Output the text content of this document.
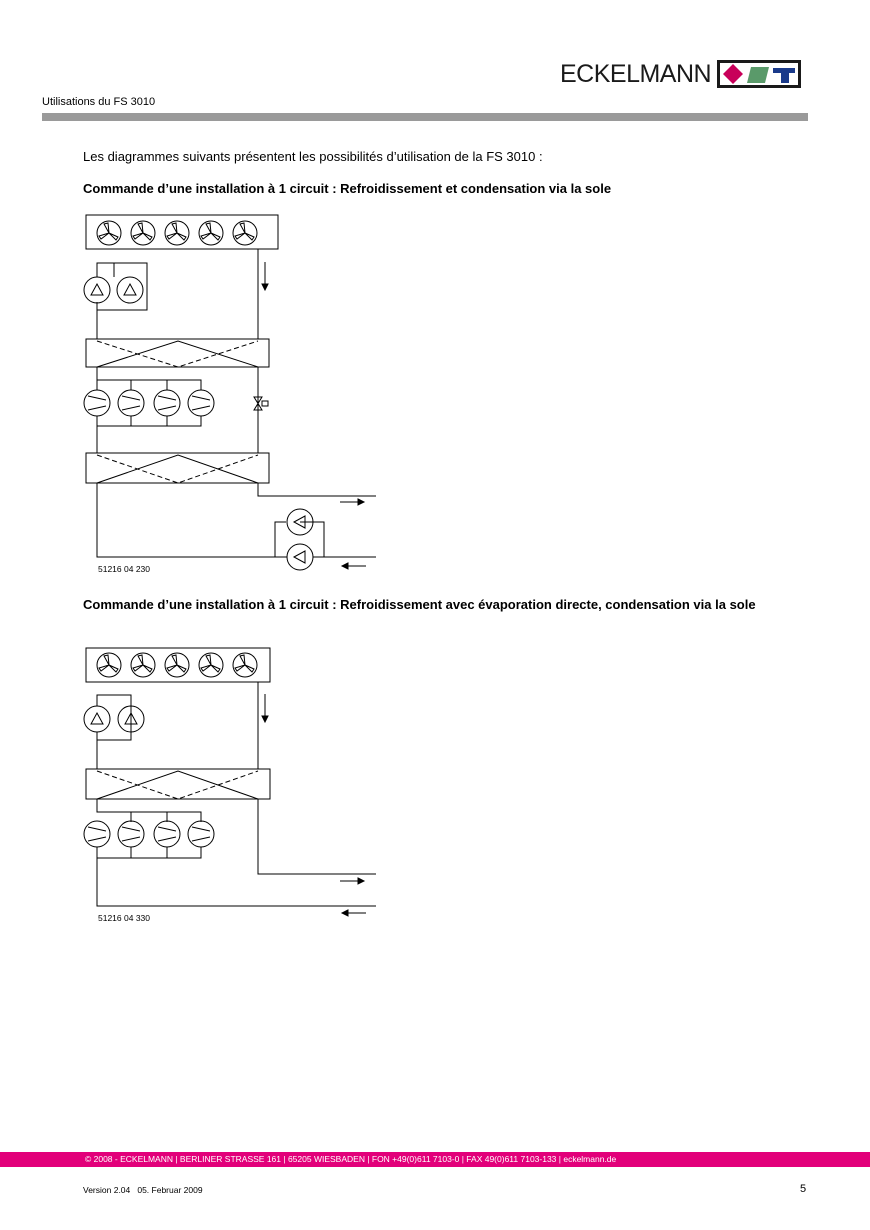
ECKELMANN
Utilisations du FS 3010
Les diagrammes suivants présentent les possibilités d’utilisation de la FS 3010 :
Commande d’une installation à 1 circuit : Refroidissement et condensation via la sole
51216 04 230
Commande d’une installation à 1 circuit : Refroidissement avec évaporation directe, condensation via la sole
51216 04 330
© 2008 - ECKELMANN | BERLINER STRASSE 161 | 65205 WIESBADEN | FON +49(0)611 7103-0 | FAX 49(0)611 7103-133 | eckelmann.de
Version 2.04   05. Februar 2009	5
